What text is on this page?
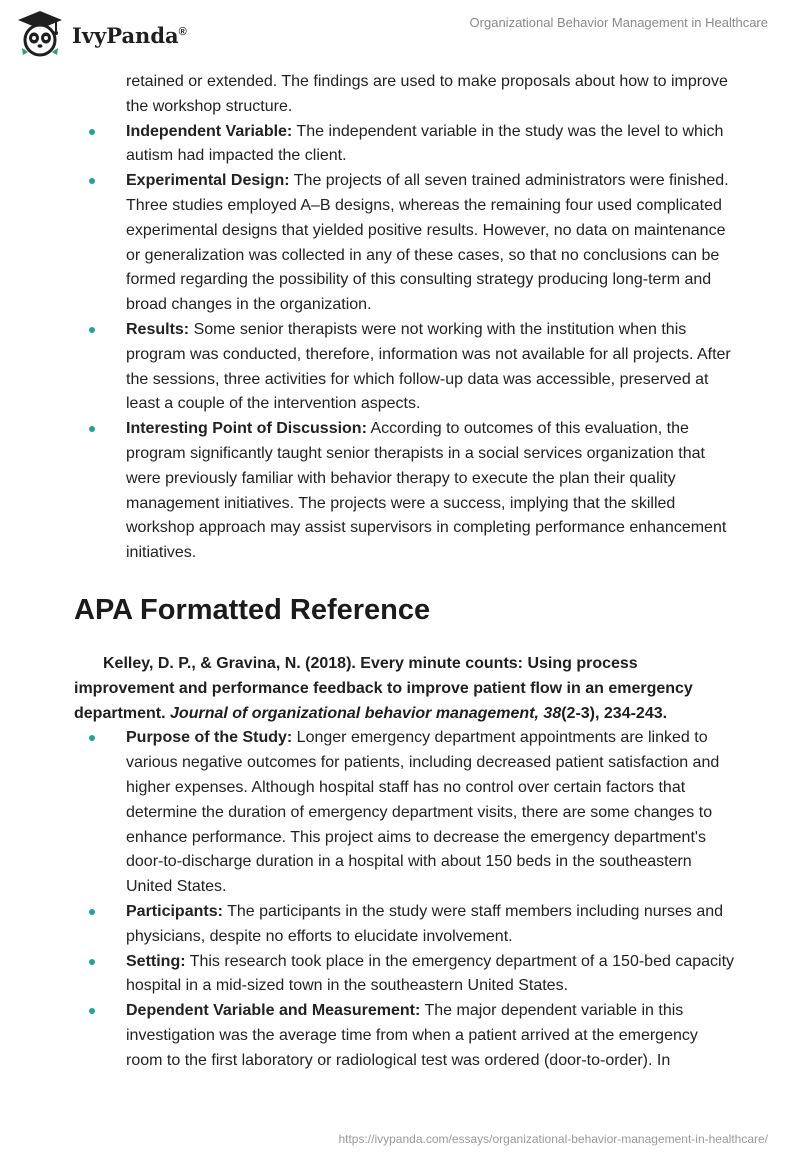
IvyPanda®
Organizational Behavior Management in Healthcare
retained or extended. The findings are used to make proposals about how to improve the workshop structure.
Independent Variable: The independent variable in the study was the level to which autism had impacted the client.
Experimental Design: The projects of all seven trained administrators were finished. Three studies employed A–B designs, whereas the remaining four used complicated experimental designs that yielded positive results. However, no data on maintenance or generalization was collected in any of these cases, so that no conclusions can be formed regarding the possibility of this consulting strategy producing long-term and broad changes in the organization.
Results: Some senior therapists were not working with the institution when this program was conducted, therefore, information was not available for all projects. After the sessions, three activities for which follow-up data was accessible, preserved at least a couple of the intervention aspects.
Interesting Point of Discussion: According to outcomes of this evaluation, the program significantly taught senior therapists in a social services organization that were previously familiar with behavior therapy to execute the plan their quality management initiatives. The projects were a success, implying that the skilled workshop approach may assist supervisors in completing performance enhancement initiatives.
APA Formatted Reference

Kelley, D. P., & Gravina, N. (2018). Every minute counts: Using process improvement and performance feedback to improve patient flow in an emergency department. Journal of organizational behavior management, 38(2-3), 234-243.

Purpose of the Study: Longer emergency department appointments are linked to various negative outcomes for patients, including decreased patient satisfaction and higher expenses. Although hospital staff has no control over certain factors that determine the duration of emergency department visits, there are some changes to enhance performance. This project aims to decrease the emergency department's door-to-discharge duration in a hospital with about 150 beds in the southeastern United States.
Participants: The participants in the study were staff members including nurses and physicians, despite no efforts to elucidate involvement.
Setting: This research took place in the emergency department of a 150-bed capacity hospital in a mid-sized town in the southeastern United States.
Dependent Variable and Measurement: The major dependent variable in this investigation was the average time from when a patient arrived at the emergency room to the first laboratory or radiological test was ordered (door-to-order). In
https://ivypanda.com/essays/organizational-behavior-management-in-healthcare/
